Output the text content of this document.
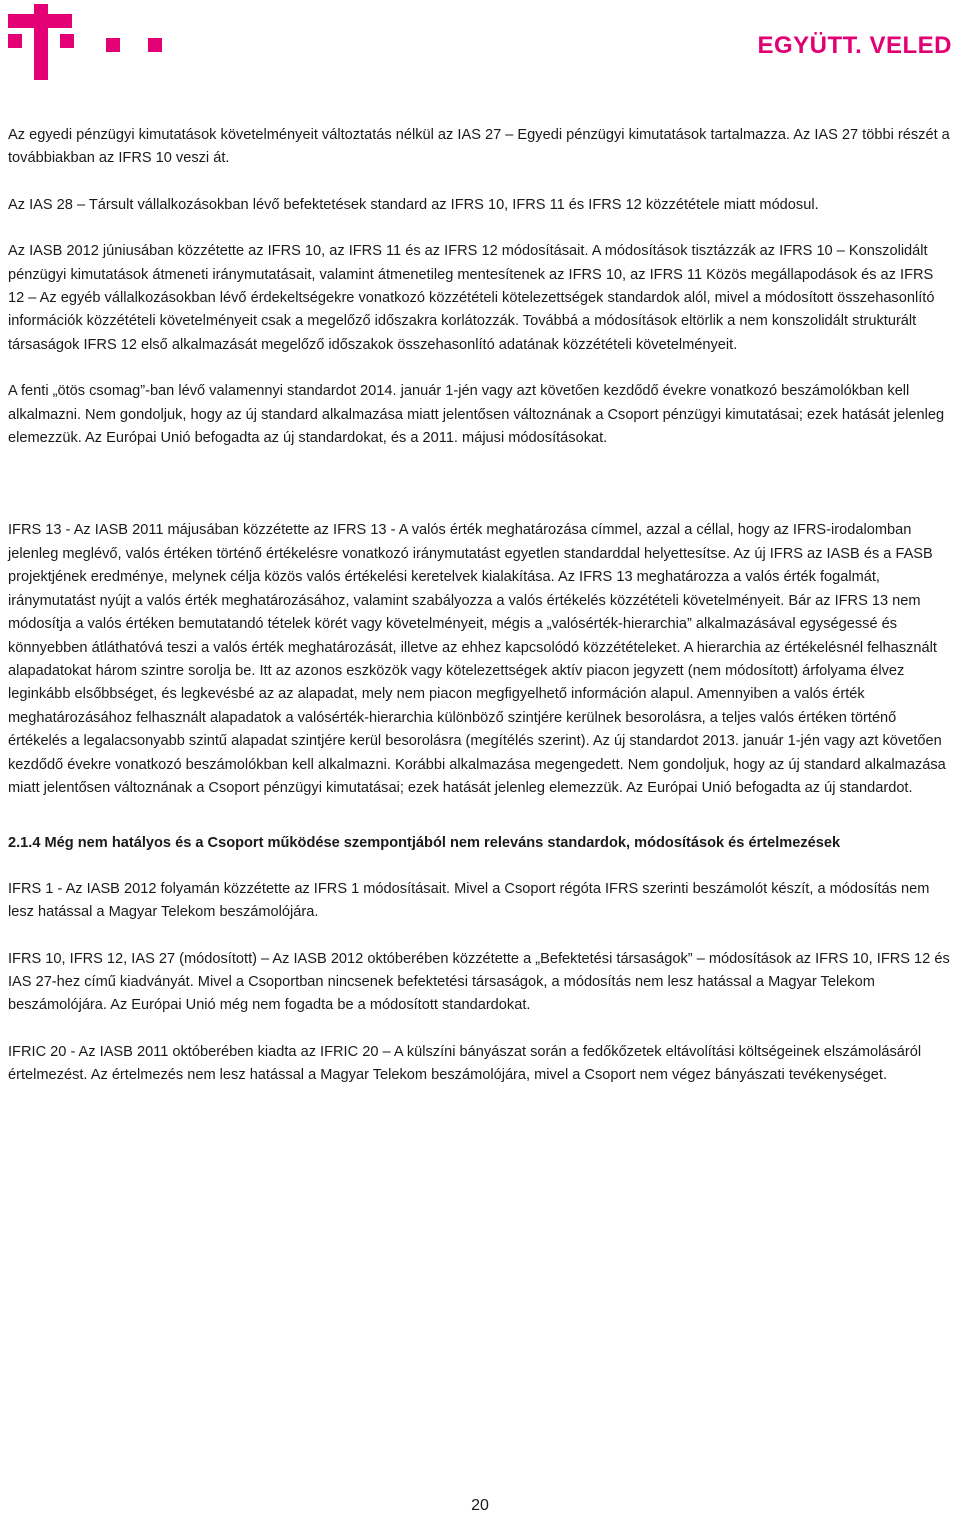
EGYÜTT. VELED

Az egyedi pénzügyi kimutatások követelményeit változtatás nélkül az IAS 27 – Egyedi pénzügyi kimutatások tartalmazza. Az IAS 27 többi részét a továbbiakban az IFRS 10 veszi át.

Az IAS 28 – Társult vállalkozásokban lévő befektetések standard az IFRS 10, IFRS 11 és IFRS 12 közzététele miatt módosul.

Az IASB 2012 júniusában közzétette az IFRS 10, az IFRS 11 és az IFRS 12 módosításait. A módosítások tisztázzák az IFRS 10 – Konszolidált pénzügyi kimutatások átmeneti iránymutatásait, valamint átmenetileg mentesítenek az IFRS 10, az IFRS 11 Közös megállapodások és az IFRS 12 – Az egyéb vállalkozásokban lévő érdekeltségekre vonatkozó közzétételi kötelezettségek standardok alól, mivel a módosított összehasonlító információk közzétételi követelményeit csak a megelőző időszakra korlátozzák. Továbbá a módosítások eltörlik a nem konszolidált strukturált társaságok IFRS 12 első alkalmazását megelőző időszakok összehasonlító adatának közzétételi követelményeit.

A fenti „ötös csomag”-ban lévő valamennyi standardot 2014. január 1-jén vagy azt követően kezdődő évekre vonatkozó beszámolókban kell alkalmazni. Nem gondoljuk, hogy az új standard alkalmazása miatt jelentősen változnának a Csoport pénzügyi kimutatásai; ezek hatását jelenleg elemezzük. Az Európai Unió befogadta az új standardokat, és a 2011. májusi módosításokat.

IFRS 13 - Az IASB 2011 májusában közzétette az IFRS 13 - A valós érték meghatározása címmel, azzal a céllal, hogy az IFRS-irodalomban jelenleg meglévő, valós értéken történő értékelésre vonatkozó iránymutatást egyetlen standarddal helyettesítse. Az új IFRS az IASB és a FASB projektjének eredménye, melynek célja közös valós értékelési keretelvek kialakítása. Az IFRS 13 meghatározza a valós érték fogalmát, iránymutatást nyújt a valós érték meghatározásához, valamint szabályozza a valós értékelés közzétételi követelményeit. Bár az IFRS 13 nem módosítja a valós értéken bemutatandó tételek körét vagy követelményeit, mégis a „valósérték-hierarchia” alkalmazásával egységessé és könnyebben átláthatóvá teszi a valós érték meghatározását, illetve az ehhez kapcsolódó közzétételeket. A hierarchia az értékelésnél felhasznált alapadatokat három szintre sorolja be. Itt az azonos eszközök vagy kötelezettségek aktív piacon jegyzett (nem módosított) árfolyama élvez leginkább elsőbbséget, és legkevésbé az az alapadat, mely nem piacon megfigyelhető információn alapul. Amennyiben a valós érték meghatározásához felhasznált alapadatok a valósérték-hierarchia különböző szintjére kerülnek besorolásra, a teljes valós értéken történő értékelés a legalacsonyabb szintű alapadat szintjére kerül besorolásra (megítélés szerint). Az új standardot 2013. január 1-jén vagy azt követően kezdődő évekre vonatkozó beszámolókban kell alkalmazni. Korábbi alkalmazása megengedett. Nem gondoljuk, hogy az új standard alkalmazása miatt jelentősen változnának a Csoport pénzügyi kimutatásai; ezek hatását jelenleg elemezzük. Az Európai Unió befogadta az új standardot.

2.1.4 Még nem hatályos és a Csoport működése szempontjából nem releváns standardok, módosítások és értelmezések

IFRS 1 - Az IASB 2012 folyamán közzétette az IFRS 1 módosításait. Mivel a Csoport régóta IFRS szerinti beszámolót készít, a módosítás nem lesz hatással a Magyar Telekom beszámolójára.

IFRS 10, IFRS 12, IAS 27 (módosított) – Az IASB 2012 októberében közzétette a „Befektetési társaságok” – módosítások az IFRS 10, IFRS 12 és IAS 27-hez című kiadványát. Mivel a Csoportban nincsenek befektetési társaságok, a módosítás nem lesz hatással a Magyar Telekom beszámolójára. Az Európai Unió még nem fogadta be a módosított standardokat.

IFRIC 20 - Az IASB 2011 októberében kiadta az IFRIC 20 – A külszíni bányászat során a fedőkőzetek eltávolítási költségeinek elszámolásáról értelmezést. Az értelmezés nem lesz hatással a Magyar Telekom beszámolójára, mivel a Csoport nem végez bányászati tevékenységet.

20
